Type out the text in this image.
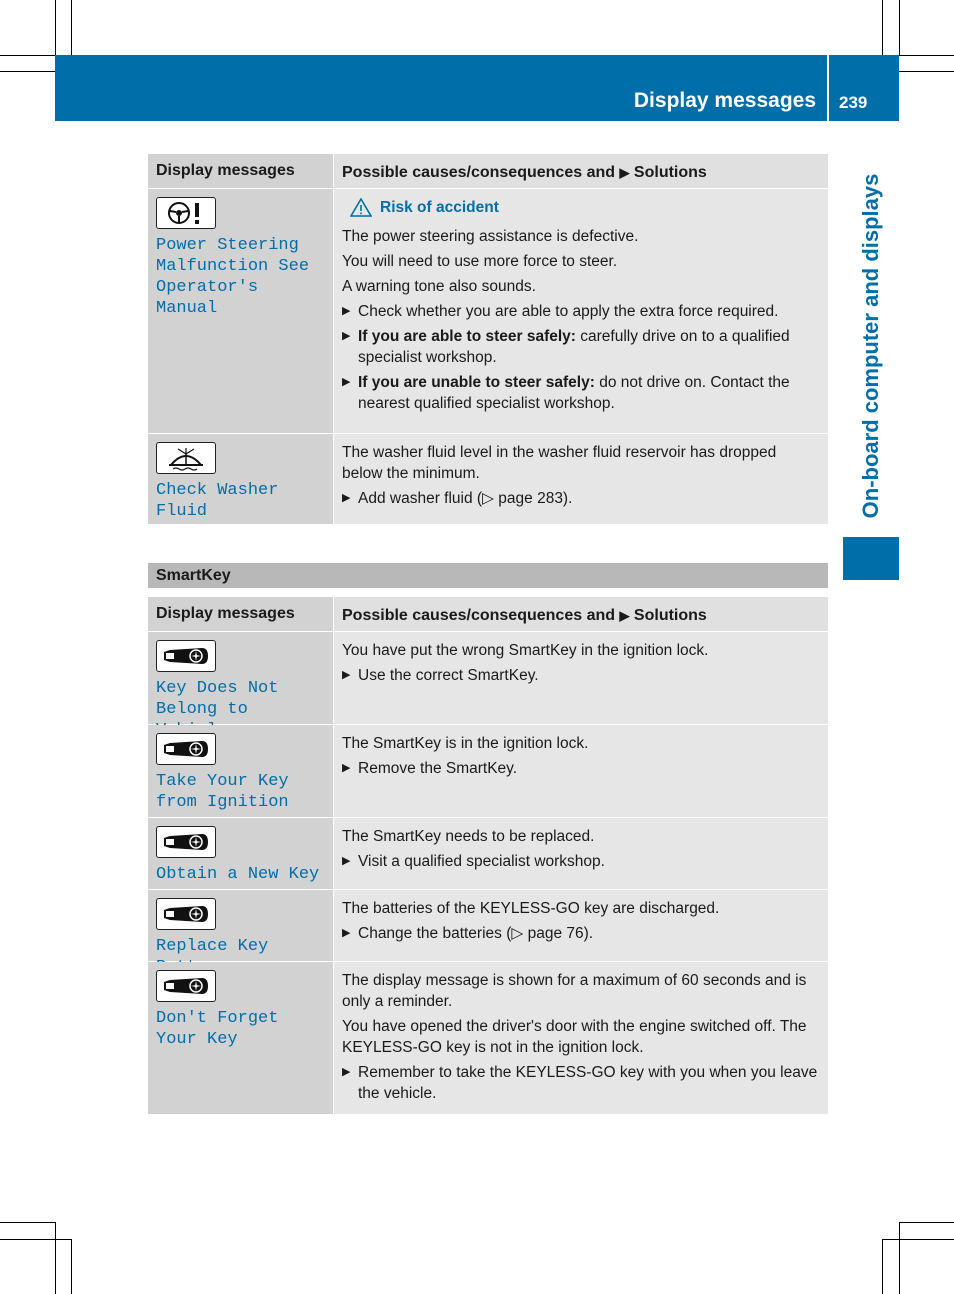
Display messages 239
On-board computer and displays
Display messages	Possible causes/consequences and ▶ Solutions
Power Steering Malfunction See Operator's Manual
Risk of accident
The power steering assistance is defective.
You will need to use more force to steer.
A warning tone also sounds.
▶ Check whether you are able to apply the extra force required.
▶ If you are able to steer safely: carefully drive on to a qualified specialist workshop.
▶ If you are unable to steer safely: do not drive on. Contact the nearest qualified specialist workshop.
Check Washer Fluid
The washer fluid level in the washer fluid reservoir has dropped below the minimum.
▶ Add washer fluid (▷ page 283).
SmartKey
Display messages	Possible causes/consequences and ▶ Solutions
Key Does Not Belong to
You have put the wrong SmartKey in the ignition lock.
▶ Use the correct SmartKey.
Take Your Key from Ignition
The SmartKey is in the ignition lock.
▶ Remove the SmartKey.
Obtain a New Key
The SmartKey needs to be replaced.
▶ Visit a qualified specialist workshop.
Replace Key
The batteries of the KEYLESS-GO key are discharged.
▶ Change the batteries (▷ page 76).
Don't Forget Your Key
The display message is shown for a maximum of 60 seconds and is only a reminder.
You have opened the driver's door with the engine switched off. The KEYLESS-GO key is not in the ignition lock.
▶ Remember to take the KEYLESS-GO key with you when you leave the vehicle.
